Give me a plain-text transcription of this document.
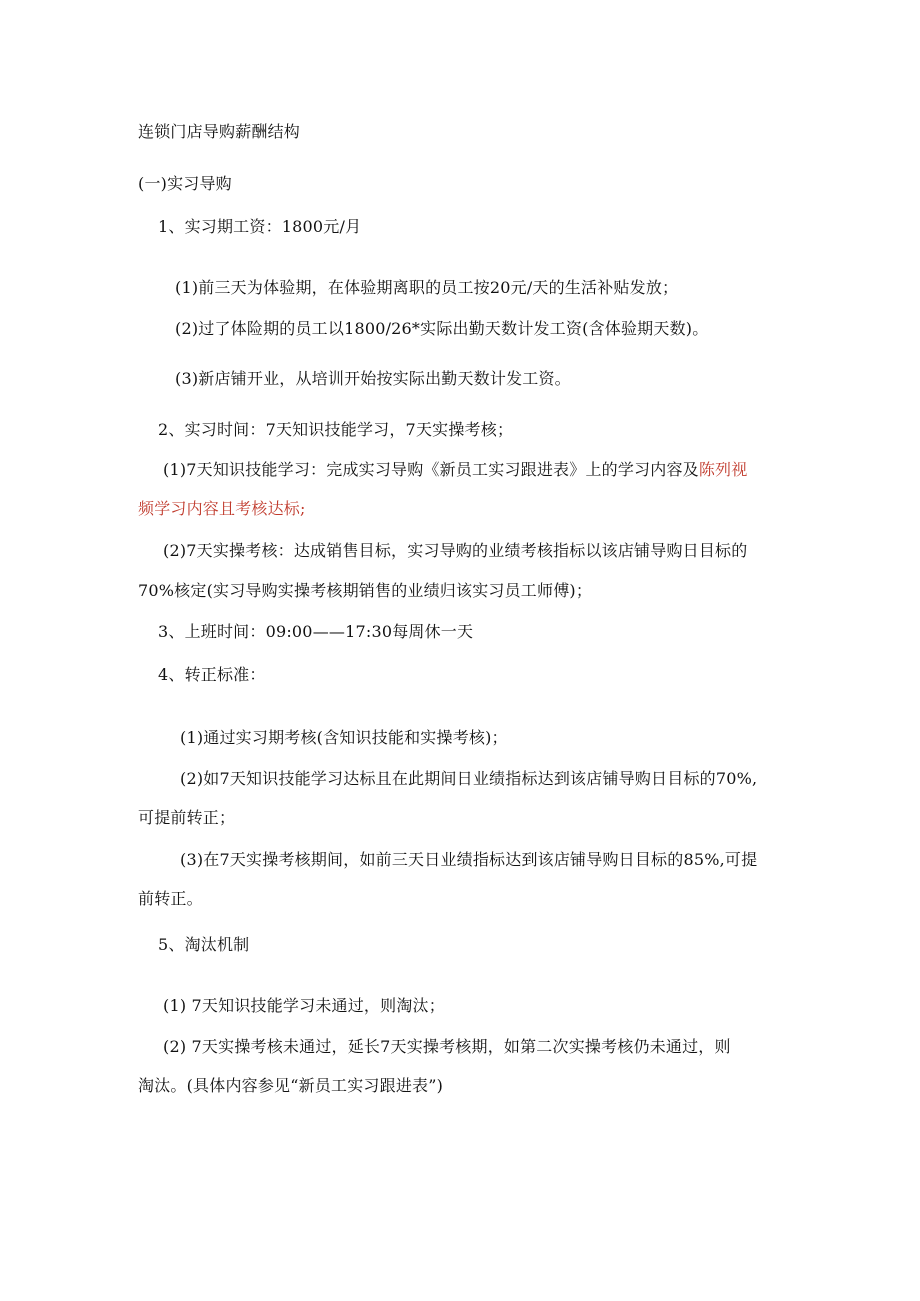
连锁门店导购薪酬结构
(一)实习导购
1、实习期工资：1800元/月
(1)前三天为体验期，在体验期离职的员工按20元/天的生活补贴发放；
(2)过了体险期的员工以1800/26*实际出勤天数计发工资(含体验期天数)。
(3)新店铺开业，从培训开始按实际出勤天数计发工资。
2、实习时间：7天知识技能学习，7天实操考核；
(1)7天知识技能学习：完成实习导购《新员工实习跟进表》上的学习内容及陈列视
频学习内容且考核达标;
(2)7天实操考核：达成销售目标，实习导购的业绩考核指标以该店铺导购日目标的
70%核定(实习导购实操考核期销售的业绩归该实习员工师傅)；
3、上班时间：09:00——17:30每周休一天
4、转正标准：
(1)通过实习期考核(含知识技能和实操考核)；
(2)如7天知识技能学习达标且在此期间日业绩指标达到该店铺导购日目标的70%,
可提前转正；
(3)在7天实操考核期间，如前三天日业绩指标达到该店铺导购日目标的85%,可提
前转正。
5、淘汰机制
(1) 7天知识技能学习未通过，则淘汰；
(2) 7天实操考核未通过，延长7天实操考核期，如第二次实操考核仍未通过，则
淘汰。(具体内容参见“新员工实习跟进表”)
